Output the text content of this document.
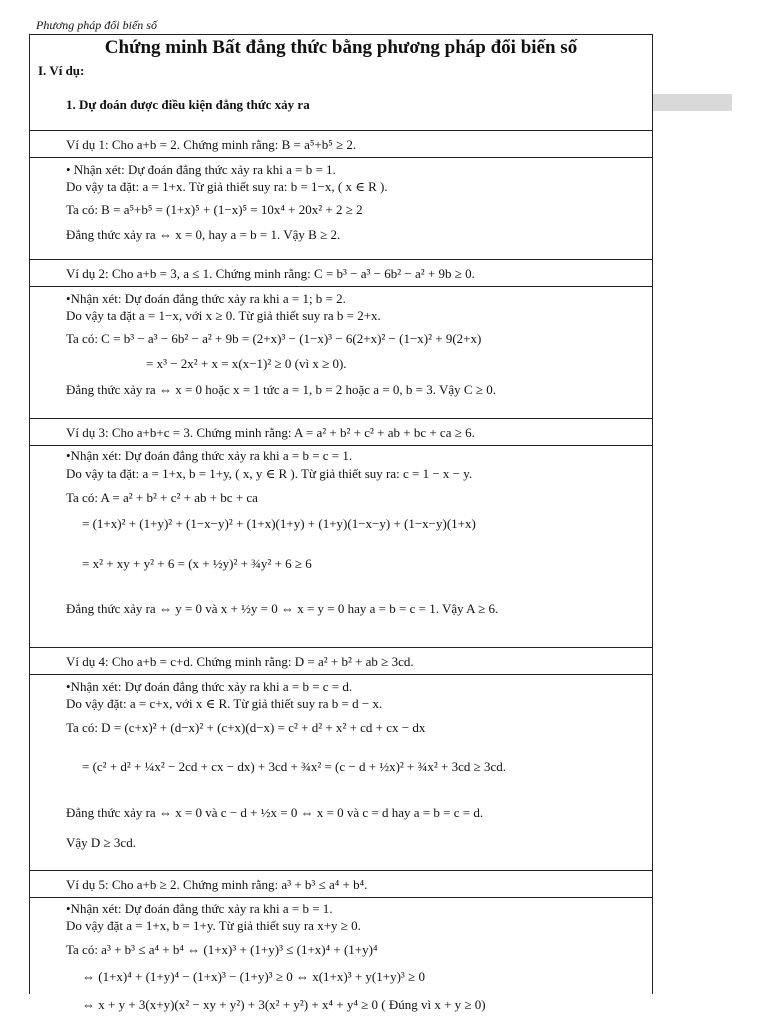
Phương pháp đổi biến số
Chứng minh Bất đẳng thức bằng phương pháp đổi biến số
I. Ví dụ:
1. Dự đoán được điều kiện đẳng thức xảy ra
Ví dụ 1: Cho a+b = 2. Chứng minh rằng: B = a⁵+b⁵ ≥ 2.
• Nhận xét: Dự đoán đẳng thức xảy ra khi a = b = 1.
Do vậy ta đặt: a = 1+x. Từ giả thiết suy ra: b = 1−x, ( x ∈ R ).
Ta có: B = a⁵+b⁵ = (1+x)⁵ + (1−x)⁵ = 10x⁴ + 20x² + 2 ≥ 2
Đẳng thức xảy ra ⇔ x = 0, hay a = b = 1. Vậy B ≥ 2.
Ví dụ 2: Cho a+b = 3, a ≤ 1. Chứng minh rằng: C = b³ − a³ − 6b² − a² + 9b ≥ 0.
•Nhận xét: Dự đoán đẳng thức xảy ra khi a = 1; b = 2.
Do vậy ta đặt a = 1−x, với x ≥ 0. Từ giả thiết suy ra b = 2+x.
Ta có: C = b³ − a³ − 6b² − a² + 9b = (2+x)³ − (1−x)³ − 6(2+x)² − (1−x)² + 9(2+x)
= x³ − 2x² + x = x(x−1)² ≥ 0 (vì x ≥ 0).
Đẳng thức xảy ra ⇔ x = 0 hoặc x = 1 tức a = 1, b = 2 hoặc a = 0, b = 3. Vậy C ≥ 0.
Ví dụ 3: Cho a+b+c = 3. Chứng minh rằng: A = a² + b² + c² + ab + bc + ca ≥ 6.
•Nhận xét: Dự đoán đẳng thức xảy ra khi a = b = c = 1.
Do vậy ta đặt: a = 1+x, b = 1+y, ( x, y ∈ R ). Từ giả thiết suy ra: c = 1 − x − y.
Ta có: A = a² + b² + c² + ab + bc + ca
= (1+x)² + (1+y)² + (1−x−y)² + (1+x)(1+y) + (1+y)(1−x−y) + (1−x−y)(1+x)
= x² + xy + y² + 6 = (x + ½y)² + ¾y² + 6 ≥ 6
Đẳng thức xảy ra ⇔ y = 0 và x + ½y = 0 ⇔ x = y = 0 hay a = b = c = 1. Vậy A ≥ 6.
Ví dụ 4: Cho a+b = c+d. Chứng minh rằng: D = a² + b² + ab ≥ 3cd.
•Nhận xét: Dự đoán đẳng thức xảy ra khi a = b = c = d.
Do vậy đặt: a = c+x, với x ∈ R. Từ giả thiết suy ra b = d − x.
Ta có: D = (c+x)² + (d−x)² + (c+x)(d−x) = c² + d² + x² + cd + cx − dx
= (c² + d² + ¼x² − 2cd + cx − dx) + 3cd + ¾x² = (c − d + ½x)² + ¾x² + 3cd ≥ 3cd.
Đẳng thức xảy ra ⇔ x = 0 và c − d + ½x = 0 ⇔ x = 0 và c = d hay a = b = c = d.
Vậy D ≥ 3cd.
Ví dụ 5: Cho a+b ≥ 2. Chứng minh rằng: a³ + b³ ≤ a⁴ + b⁴.
•Nhận xét: Dự đoán đẳng thức xảy ra khi a = b = 1.
Do vậy đặt a = 1+x, b = 1+y. Từ giả thiết suy ra x+y ≥ 0.
Ta có: a³ + b³ ≤ a⁴ + b⁴ ⇔ (1+x)³ + (1+y)³ ≤ (1+x)⁴ + (1+y)⁴
⇔ (1+x)⁴ + (1+y)⁴ − (1+x)³ − (1+y)³ ≥ 0 ⇔ x(1+x)³ + y(1+y)³ ≥ 0
⇔ x + y + 3(x+y)(x² − xy + y²) + 3(x² + y²) + x⁴ + y⁴ ≥ 0 ( Đúng vì x + y ≥ 0)
